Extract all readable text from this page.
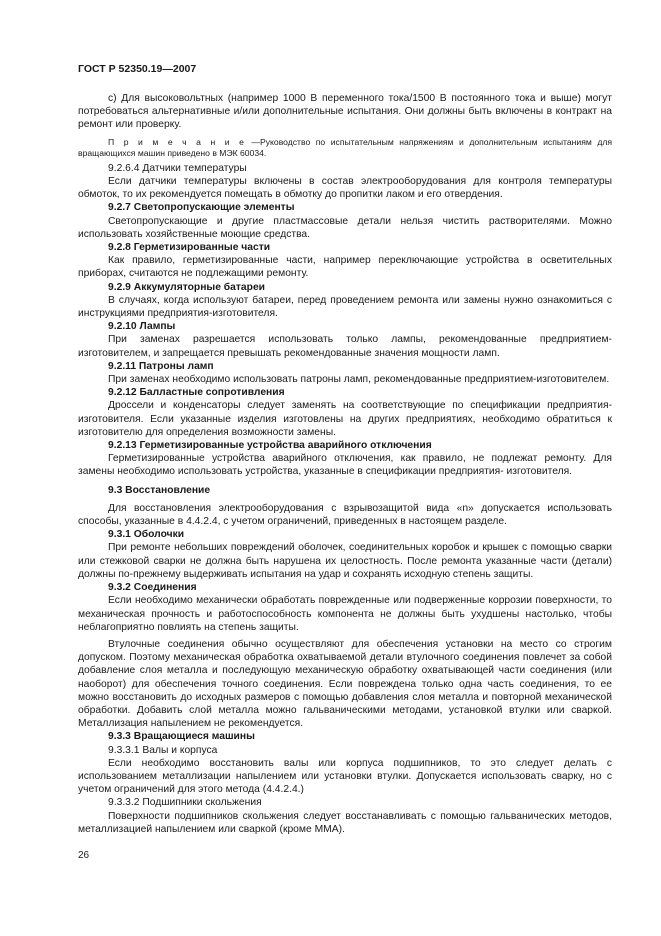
ГОСТ Р 52350.19—2007

c) Для высоковольтных (например 1000 В переменного тока/1500 В постоянного тока и выше) могут потребоваться альтернативные и/или дополнительные испытания. Они должны быть включены в контракт на ремонт или проверку.

П р и м е ч а н и е —Руководство по испытательным напряжениям и дополнительным испытаниям для вращающихся машин приведено в МЭК 60034.

9.2.6.4 Датчики температуры

Если датчики температуры включены в состав электрооборудования для контроля температуры обмоток, то их рекомендуется помещать в обмотку до пропитки лаком и его отвердения.

9.2.7 Светопропускающие элементы

Светопропускающие и другие пластмассовые детали нельзя чистить растворителями. Можно использовать хозяйственные моющие средства.

9.2.8 Герметизированные части

Как правило, герметизированные части, например переключающие устройства в осветительных приборах, считаются не подлежащими ремонту.

9.2.9 Аккумуляторные батареи

В случаях, когда используют батареи, перед проведением ремонта или замены нужно ознакомиться с инструкциями предприятия-изготовителя.

9.2.10 Лампы

При заменах разрешается использовать только лампы, рекомендованные предприятием-изготовителем, и запрещается превышать рекомендованные значения мощности ламп.

9.2.11 Патроны ламп

При заменах необходимо использовать патроны ламп, рекомендованные предприятием-изготовителем.

9.2.12 Балластные сопротивления

Дроссели и конденсаторы следует заменять на соответствующие по спецификации предприятия-изготовителя. Если указанные изделия изготовлены на других предприятиях, необходимо обратиться к изготовителю для определения возможности замены.

9.2.13 Герметизированные устройства аварийного отключения

Герметизированные устройства аварийного отключения, как правило, не подлежат ремонту. Для замены необходимо использовать устройства, указанные в спецификации предприятия- изготовителя.

9.3 Восстановление

Для восстановления электрооборудования с взрывозащитой вида «n» допускается использовать способы, указанные в 4.4.2.4, с учетом ограничений, приведенных в настоящем разделе.

9.3.1 Оболочки

При ремонте небольших повреждений оболочек, соединительных коробок и крышек с помощью сварки или стежковой сварки не должна быть нарушена их целостность. После ремонта указанные части (детали) должны по-прежнему выдерживать испытания на удар и сохранять исходную степень защиты.

9.3.2 Соединения

Если необходимо механически обработать поврежденные или подверженные коррозии поверхности, то механическая прочность и работоспособность компонента не должны быть ухудшены настолько, чтобы неблагоприятно повлиять на степень защиты.

Втулочные соединения обычно осуществляют для обеспечения установки на место со строгим допуском. Поэтому механическая обработка охватываемой детали втулочного соединения повлечет за собой добавление слоя металла и последующую механическую обработку охватывающей части соединения (или наоборот) для обеспечения точного соединения. Если повреждена только одна часть соединения, то ее можно восстановить до исходных размеров с помощью добавления слоя металла и повторной механической обработки. Добавить слой металла можно гальваническими методами, установкой втулки или сваркой. Металлизация напылением не рекомендуется.

9.3.3 Вращающиеся машины

9.3.3.1 Валы и корпуса

Если необходимо восстановить валы или корпуса подшипников, то это следует делать с использованием металлизации напылением или установки втулки. Допускается использовать сварку, но с учетом ограничений для этого метода (4.4.2.4.)

9.3.3.2 Подшипники скольжения

Поверхности подшипников скольжения следует восстанавливать с помощью гальванических методов, металлизацией напылением или сваркой (кроме ММА).

26
